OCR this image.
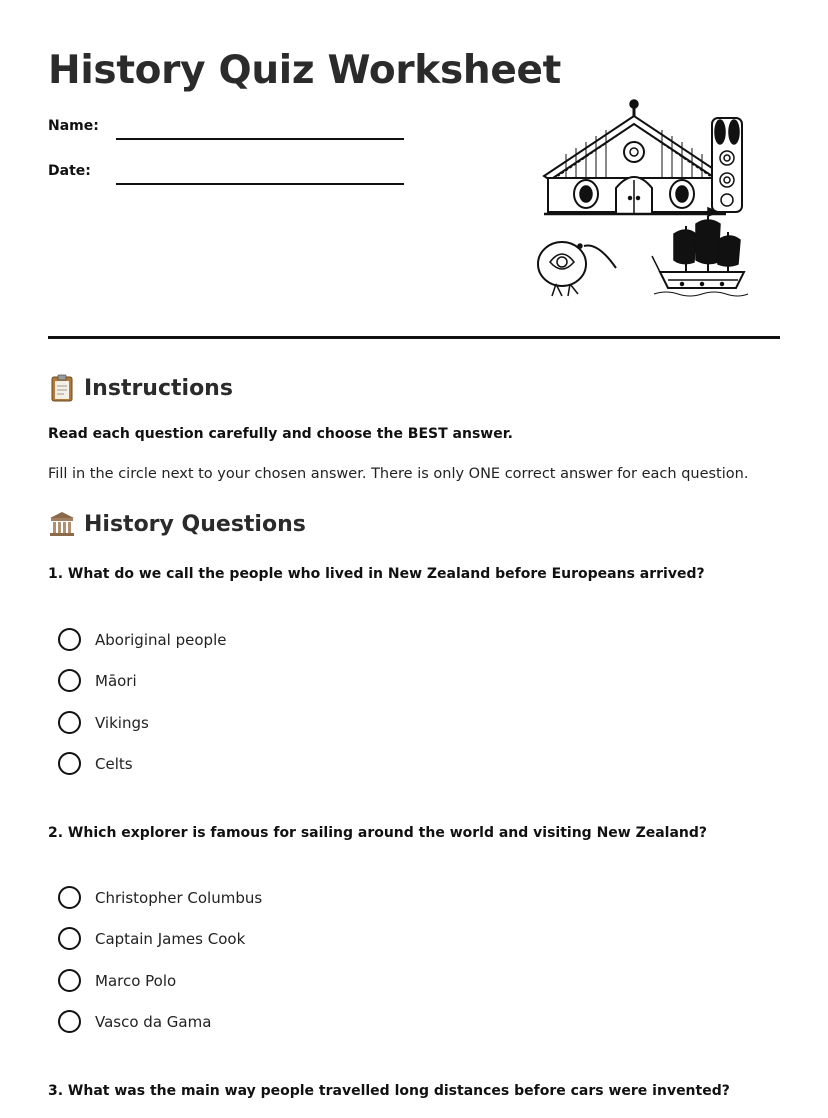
History Quiz Worksheet
Name:
Date:
Instructions
Read each question carefully and choose the BEST answer.
Fill in the circle next to your chosen answer. There is only ONE correct answer for each question.
History Questions
1. What do we call the people who lived in New Zealand before Europeans arrived?
Aboriginal people
Māori
Vikings
Celts
2. Which explorer is famous for sailing around the world and visiting New Zealand?
Christopher Columbus
Captain James Cook
Marco Polo
Vasco da Gama
3. What was the main way people travelled long distances before cars were invented?
